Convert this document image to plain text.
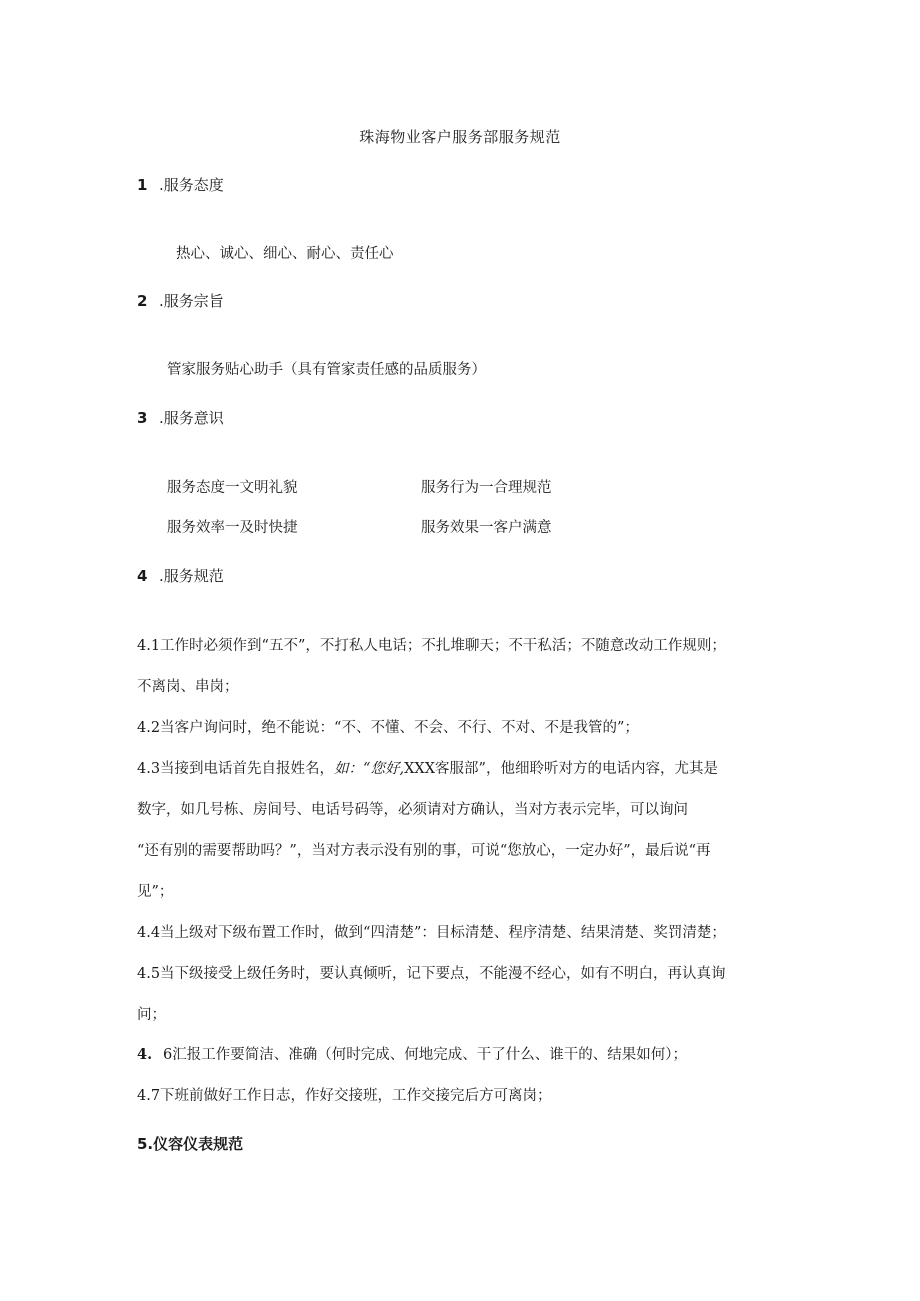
珠海物业客户服务部服务规范
1 .服务态度
热心、诚心、细心、耐心、责任心
2 .服务宗旨
管家服务贴心助手（具有管家责任感的品质服务）
3 .服务意识
服务态度一文明礼貌	服务行为一合理规范
服务效率一及时快捷	服务效果一客户满意
4 .服务规范
4.1工作时必须作到“五不”，不打私人电话；不扎堆聊天；不干私活；不随意改动工作规则；
不离岗、串岗；
4.2当客户询问时，绝不能说：“不、不懂、不会、不行、不对、不是我管的”；
4.3当接到电话首先自报姓名，如：“您好,XXX客服部”，他细聆听对方的电话内容，尤其是
数字，如几号栋、房间号、电话号码等，必须请对方确认，当对方表示完毕，可以询问
“还有别的需要帮助吗？”，当对方表示没有别的事，可说“您放心，一定办好”，最后说“再
见”；
4.4当上级对下级布置工作时，做到“四清楚”：目标清楚、程序清楚、结果清楚、奖罚清楚；
4.5当下级接受上级任务时，要认真倾听，记下要点，不能漫不经心，如有不明白，再认真询
问；
4. 6汇报工作要简洁、准确（何时完成、何地完成、干了什么、谁干的、结果如何）；
4.7下班前做好工作日志，作好交接班，工作交接完后方可离岗；
5.仪容仪表规范
